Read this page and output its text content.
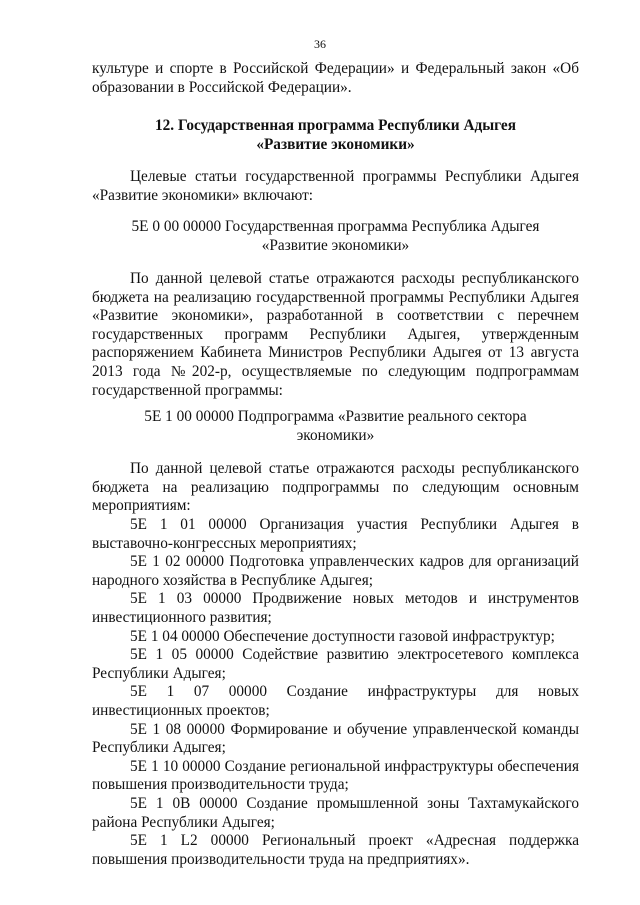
36

культуре и спорте в Российской Федерации» и Федеральный закон «Об образовании в Российской Федерации».

12. Государственная программа Республики Адыгея
«Развитие экономики»

Целевые статьи государственной программы Республики Адыгея «Развитие экономики» включают:

5Е 0 00 00000 Государственная программа Республика Адыгея
«Развитие экономики»

По данной целевой статье отражаются расходы республиканского бюджета на реализацию государственной программы Республики Адыгея «Развитие экономики», разработанной в соответствии с перечнем государственных программ Республики Адыгея, утвержденным распоряжением Кабинета Министров Республики Адыгея от 13 августа 2013 года №202-р, осуществляемые по следующим подпрограммам государственной программы:

5Е 1 00 00000 Подпрограмма «Развитие реального сектора
экономики»

По данной целевой статье отражаются расходы республиканского бюджета на реализацию подпрограммы по следующим основным мероприятиям:

5Е 1 01 00000 Организация участия Республики Адыгея в выставочно-конгрессных мероприятиях;

5Е 1 02 00000 Подготовка управленческих кадров для организаций народного хозяйства в Республике Адыгея;

5Е 1 03 00000 Продвижение новых методов и инструментов инвестиционного развития;

5Е 1 04 00000 Обеспечение доступности газовой инфраструктур;

5Е 1 05 00000 Содействие развитию электросетевого комплекса Республики Адыгея;

5Е 1 07 00000 Создание инфраструктуры для новых инвестиционных проектов;

5Е 1 08 00000 Формирование и обучение управленческой команды Республики Адыгея;

5Е 1 10 00000 Создание региональной инфраструктуры обеспечения повышения производительности труда;

5Е 1 0В 00000 Создание промышленной зоны Тахтамукайского района Республики Адыгея;

5Е 1 L2 00000 Региональный проект «Адресная поддержка повышения производительности труда на предприятиях».
